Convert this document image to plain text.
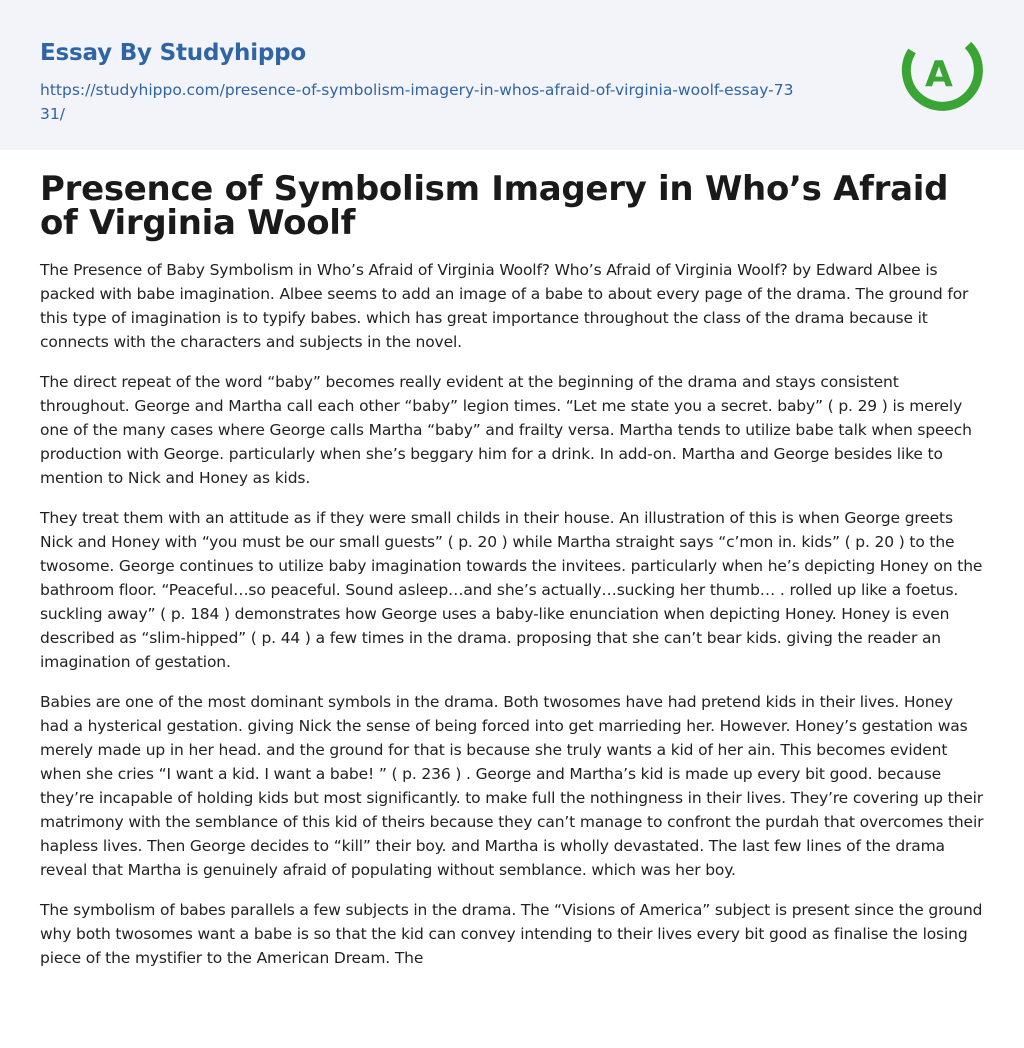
Essay By Studyhippo
https://studyhippo.com/presence-of-symbolism-imagery-in-whos-afraid-of-virginia-woolf-essay-7331/
A
Presence of Symbolism Imagery in Who’s Afraid of Virginia Woolf

The Presence of Baby Symbolism in Who’s Afraid of Virginia Woolf? Who’s Afraid of Virginia Woolf? by Edward Albee is packed with babe imagination. Albee seems to add an image of a babe to about every page of the drama. The ground for this type of imagination is to typify babes. which has great importance throughout the class of the drama because it connects with the characters and subjects in the novel.

The direct repeat of the word “baby” becomes really evident at the beginning of the drama and stays consistent throughout. George and Martha call each other “baby” legion times. “Let me state you a secret. baby” ( p. 29 ) is merely one of the many cases where George calls Martha “baby” and frailty versa. Martha tends to utilize babe talk when speech production with George. particularly when she’s beggary him for a drink. In add-on. Martha and George besides like to mention to Nick and Honey as kids.

They treat them with an attitude as if they were small childs in their house. An illustration of this is when George greets Nick and Honey with “you must be our small guests” ( p. 20 ) while Martha straight says “c’mon in. kids” ( p. 20 ) to the twosome. George continues to utilize baby imagination towards the invitees. particularly when he’s depicting Honey on the bathroom floor. “Peaceful…so peaceful. Sound asleep…and she’s actually…sucking her thumb… . rolled up like a foetus. suckling away” ( p. 184 ) demonstrates how George uses a baby-like enunciation when depicting Honey. Honey is even described as “slim-hipped” ( p. 44 ) a few times in the drama. proposing that she can’t bear kids. giving the reader an imagination of gestation.

Babies are one of the most dominant symbols in the drama. Both twosomes have had pretend kids in their lives. Honey had a hysterical gestation. giving Nick the sense of being forced into get marrieding her. However. Honey’s gestation was merely made up in her head. and the ground for that is because she truly wants a kid of her ain. This becomes evident when she cries “I want a kid. I want a babe! ” ( p. 236 ) . George and Martha’s kid is made up every bit good. because they’re incapable of holding kids but most significantly. to make full the nothingness in their lives. They’re covering up their matrimony with the semblance of this kid of theirs because they can’t manage to confront the purdah that overcomes their hapless lives. Then George decides to “kill” their boy. and Martha is wholly devastated. The last few lines of the drama reveal that Martha is genuinely afraid of populating without semblance. which was her boy.

The symbolism of babes parallels a few subjects in the drama. The “Visions of America” subject is present since the ground why both twosomes want a babe is so that the kid can convey intending to their lives every bit good as finalise the losing piece of the mystifier to the American Dream. The
